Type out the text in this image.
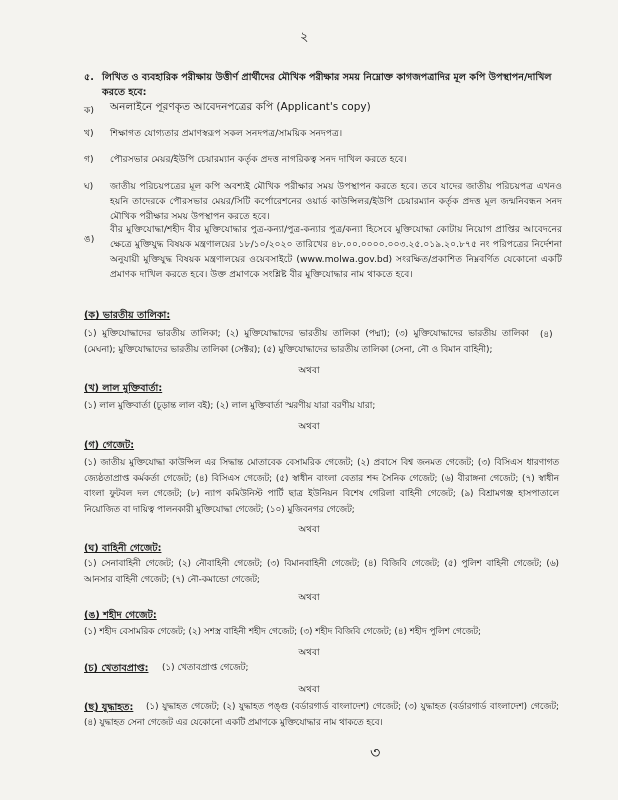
২
৫. লিখিত ও ব্যবহারিক পরীক্ষায় উত্তীর্ণ প্রার্থীদের মৌখিক পরীক্ষার সময় নিম্নোক্ত কাগজপত্রাদির মূল কপি উপস্থাপন/দাখিল করতে হবে:
ক) অনলাইনে পূরণকৃত আবেদনপত্রের কপি (Applicant's copy)
খ) শিক্ষাগত যোগ্যতার প্রমাণস্বরূপ সকল সনদপত্র/সাময়িক সনদপত্র।
গ) পৌরসভার মেয়র/ইউপি চেয়ারম্যান কর্তৃক প্রদত্ত নাগরিকত্ব সনদ দাখিল করতে হবে।
ঘ) জাতীয় পরিচয়পত্রের মূল কপি অবশ্যই মৌখিক পরীক্ষার সময় উপস্থাপন করতে হবে। তবে যাদের জাতীয় পরিচয়পত্র এখনও হয়নি তাদেরকে পৌরসভার মেয়র/সিটি কর্পোরেশনের ওয়ার্ড কাউন্সিলর/ইউপি চেয়ারম্যান কর্তৃক প্রদত্ত মূল জন্মনিবন্ধন সনদ মৌখিক পরীক্ষার সময় উপস্থাপন করতে হবে।
ঙ)
বীর মুক্তিযোদ্ধা/শহীদ বীর মুক্তিযোদ্ধার পুত্র-কন্যা/পুত্র-কন্যার পুত্র/কন্যা হিসেবে মুক্তিযোদ্ধা কোটায় নিয়োগ প্রাপ্তির আবেদনের ক্ষেত্রে মুক্তিযুদ্ধ বিষয়ক মন্ত্রণালয়ের ১৮/১০/২০২০ তারিখের ৪৮.০০.০০০০.০০৩.২৫.০১৯.২০.৮৭৫ নং পরিপত্রের নির্দেশনা অনুযায়ী মুক্তিযুদ্ধ বিষয়ক মন্ত্রণালয়ের ওয়েবসাইটে (www.molwa.gov.bd) সংরক্ষিত/প্রকাশিত নিম্নবর্ণিত যেকোনো একটি প্রমাণক দাখিল করতে হবে। উক্ত প্রমাণকে সংশ্লিষ্ট বীর মুক্তিযোদ্ধার নাম থাকতে হবে।
(ক) ভারতীয় তালিকা:
(১) মুক্তিযোদ্ধাদের ভারতীয় তালিকা; (২) মুক্তিযোদ্ধাদের ভারতীয় তালিকা (পদ্মা); (৩) মুক্তিযোদ্ধাদের ভারতীয় তালিকা (মেঘনা); মুক্তিযোদ্ধাদের ভারতীয় তালিকা (সেক্টর); (৫) মুক্তিযোদ্ধাদের ভারতীয় তালিকা (সেনা, নৌ ও বিমান বাহিনী);
(৪)
অথবা
(খ) লাল মুক্তিবার্তা:
(১) লাল মুক্তিবার্তা (চূড়ান্ত লাল বই); (২) লাল মুক্তিবার্তা স্মরণীয় যারা বরণীয় যারা;
অথবা
(গ) গেজেট:
(১) জাতীয় মুক্তিযোদ্ধা কাউন্সিল এর সিদ্ধান্ত মোতাবেক বেসামরিক গেজেট; (২) প্রবাসে বিশ্ব জনমত গেজেট; (৩) বিসিএস ধারণাগত জ্যেষ্ঠতাপ্রাপ্ত কর্মকর্তা গেজেট; (৪) বিসিএস গেজেট; (৫) স্বাধীন বাংলা বেতার শব্দ সৈনিক গেজেট; (৬) বীরাঙ্গনা গেজেট; (৭) স্বাধীন বাংলা ফুটবল দল গেজেট; (৮) ন্যাপ কমিউনিস্ট পার্টি ছাত্র ইউনিয়ন বিশেষ গেরিলা বাহিনী গেজেট; (৯) বিশ্রামগঞ্জ হাসপাতালে নিয়োজিত বা দায়িত্ব পালনকারী মুক্তিযোদ্ধা গেজেট; (১০) মুজিবনগর গেজেট;
অথবা
(ঘ) বাহিনী গেজেট:
(১) সেনাবাহিনী গেজেট; (২) নৌবাহিনী গেজেট; (৩) বিমানবাহিনী গেজেট; (৪) বিজিবি গেজেট; (৫) পুলিশ বাহিনী গেজেট; (৬) আনসার বাহিনী গেজেট; (৭) নৌ-কমান্ডো গেজেট;
অথবা
(ঙ) শহীদ গেজেট:
(১) শহীদ বেসামরিক গেজেট; (২) সশস্ত্র বাহিনী শহীদ গেজেট; (৩) শহীদ বিজিবি গেজেট; (৪) শহীদ পুলিশ গেজেট;
অথবা
(চ) খেতাবপ্রাপ্ত: (১) খেতাবপ্রাপ্ত গেজেট;
অথবা
(ছ) যুদ্ধাহত:	(১) যুদ্ধাহত গেজেট; (২) যুদ্ধাহত পঙ্গু (বর্ডারগার্ড বাংলাদেশ) গেজেট; (৩) যুদ্ধাহত (বর্ডারগার্ড বাংলাদেশ) গেজেট; (৪) যুদ্ধাহত সেনা গেজেট এর যেকোনো একটি প্রমাণকে মুক্তিযোদ্ধার নাম থাকতে হবে।
৩
